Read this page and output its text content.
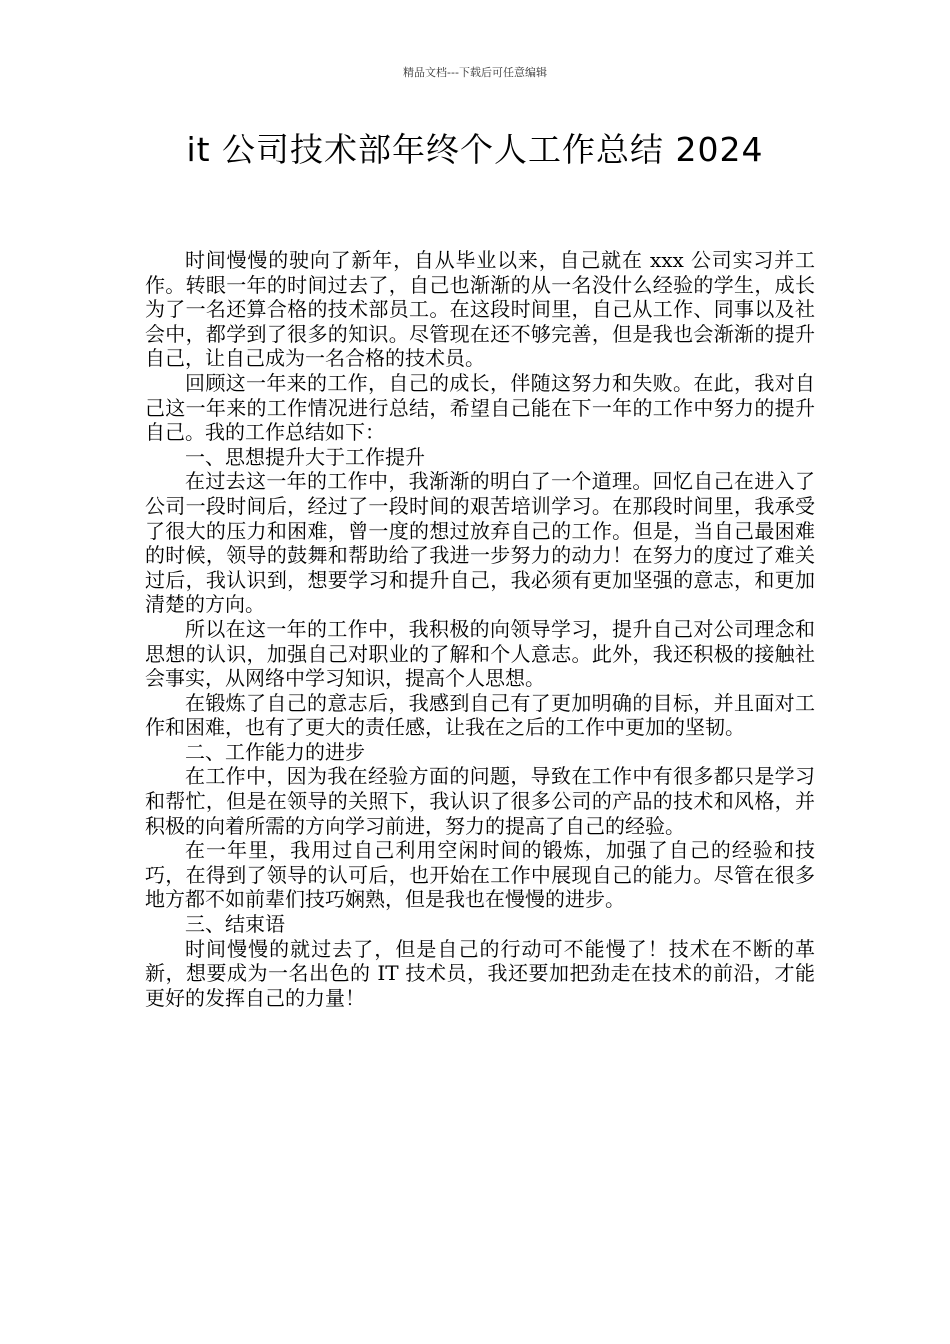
精品文档---下载后可任意编辑
it 公司技术部年终个人工作总结 2024

时间慢慢的驶向了新年，自从毕业以来，自己就在 xxx 公司实习并工作。转眼一年的时间过去了，自己也渐渐的从一名没什么经验的学生，成长为了一名还算合格的技术部员工。在这段时间里，自己从工作、同事以及社会中，都学到了很多的知识。尽管现在还不够完善，但是我也会渐渐的提升自己，让自己成为一名合格的技术员。

回顾这一年来的工作，自己的成长，伴随这努力和失败。在此，我对自己这一年来的工作情况进行总结，希望自己能在下一年的工作中努力的提升自己。我的工作总结如下：

一、思想提升大于工作提升

在过去这一年的工作中，我渐渐的明白了一个道理。回忆自己在进入了公司一段时间后，经过了一段时间的艰苦培训学习。在那段时间里，我承受了很大的压力和困难，曾一度的想过放弃自己的工作。但是，当自己最困难的时候，领导的鼓舞和帮助给了我进一步努力的动力！在努力的度过了难关过后，我认识到，想要学习和提升自己，我必须有更加坚强的意志，和更加清楚的方向。

所以在这一年的工作中，我积极的向领导学习，提升自己对公司理念和思想的认识，加强自己对职业的了解和个人意志。此外，我还积极的接触社会事实，从网络中学习知识，提高个人思想。

在锻炼了自己的意志后，我感到自己有了更加明确的目标，并且面对工作和困难，也有了更大的责任感，让我在之后的工作中更加的坚韧。

二、工作能力的进步

在工作中，因为我在经验方面的问题，导致在工作中有很多都只是学习和帮忙，但是在领导的关照下，我认识了很多公司的产品的技术和风格，并积极的向着所需的方向学习前进，努力的提高了自己的经验。

在一年里，我用过自己利用空闲时间的锻炼，加强了自己的经验和技巧，在得到了领导的认可后，也开始在工作中展现自己的能力。尽管在很多地方都不如前辈们技巧娴熟，但是我也在慢慢的进步。

三、结束语

时间慢慢的就过去了，但是自己的行动可不能慢了！技术在不断的革新，想要成为一名出色的 IT 技术员，我还要加把劲走在技术的前沿，才能更好的发挥自己的力量！
